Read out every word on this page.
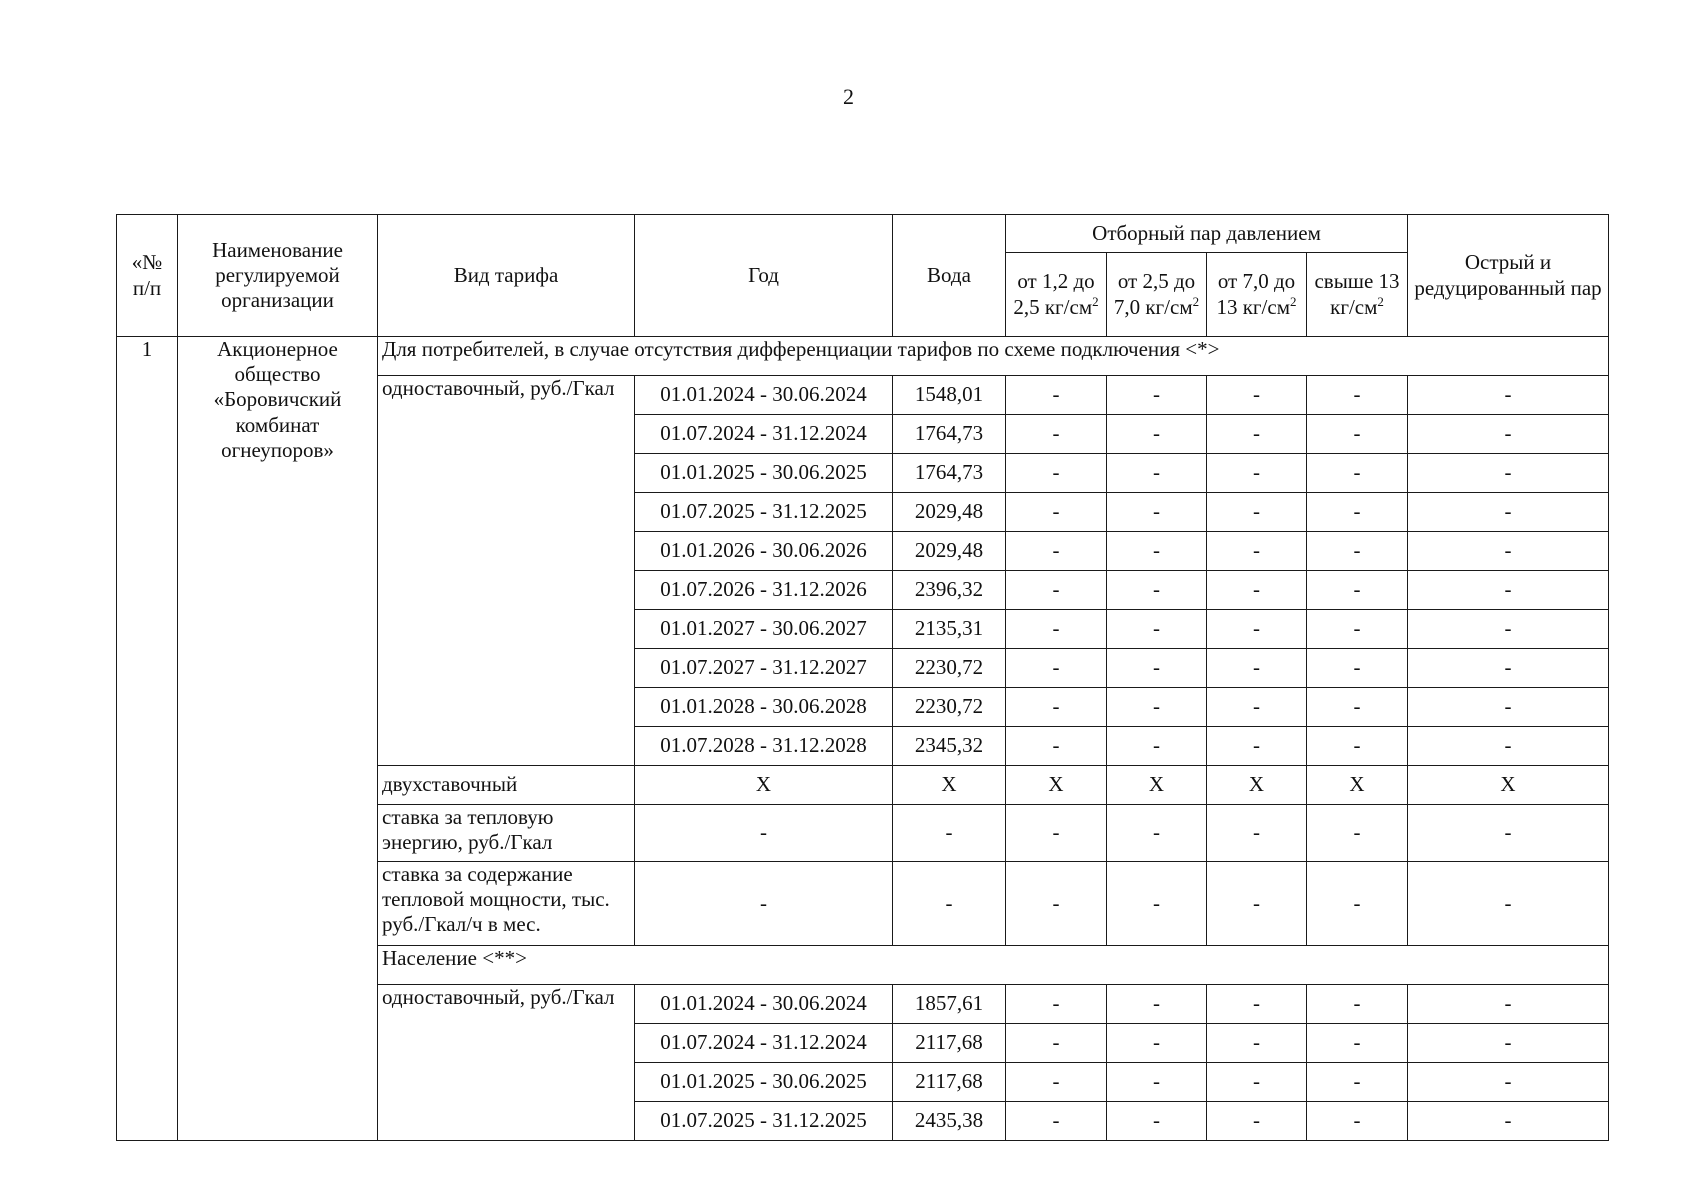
2
«№ п/п	Наименование регулируемой организации	Вид тарифа	Год	Вода	Отборный пар давлением				Острый и редуцированный пар
					от 1,2 до 2,5 $кг/см^2$	от 2,5 до 7,0 $кг/см^2$	от 7,0 до 13 $кг/см^2$	свыше 13 $кг/см^2$
1	Акционерное общество «Боровичский комбинат огнеупоров»	Для потребителей, в случае отсутствия дифференциации тарифов по схеме подключения <*>							
		одноставочный, руб./Гкал	01.01.2024 - 30.06.2024	1548,01	-	-	-	-	-
			01.07.2024 - 31.12.2024	1764,73	-	-	-	-	-
			01.01.2025 - 30.06.2025	1764,73	-	-	-	-	-
			01.07.2025 - 31.12.2025	2029,48	-	-	-	-	-
			01.01.2026 - 30.06.2026	2029,48	-	-	-	-	-
			01.07.2026 - 31.12.2026	2396,32	-	-	-	-	-
			01.01.2027 - 30.06.2027	2135,31	-	-	-	-	-
			01.07.2027 - 31.12.2027	2230,72	-	-	-	-	-
			01.01.2028 - 30.06.2028	2230,72	-	-	-	-	-
			01.07.2028 - 31.12.2028	2345,32	-	-	-	-	-
		двухставочный	X	X	X	X	X	X	X
		ставка за тепловую энергию, руб./Гкал	-	-	-	-	-	-	-
		ставка за содержание тепловой мощности, тыс. руб./Гкал/ч в мес.	-	-	-	-	-	-	-
		Население <**>							
		одноставочный, руб./Гкал	01.01.2024 - 30.06.2024	1857,61	-	-	-	-	-
			01.07.2024 - 31.12.2024	2117,68	-	-	-	-	-
			01.01.2025 - 30.06.2025	2117,68	-	-	-	-	-
			01.07.2025 - 31.12.2025	2435,38	-	-	-	-	-
